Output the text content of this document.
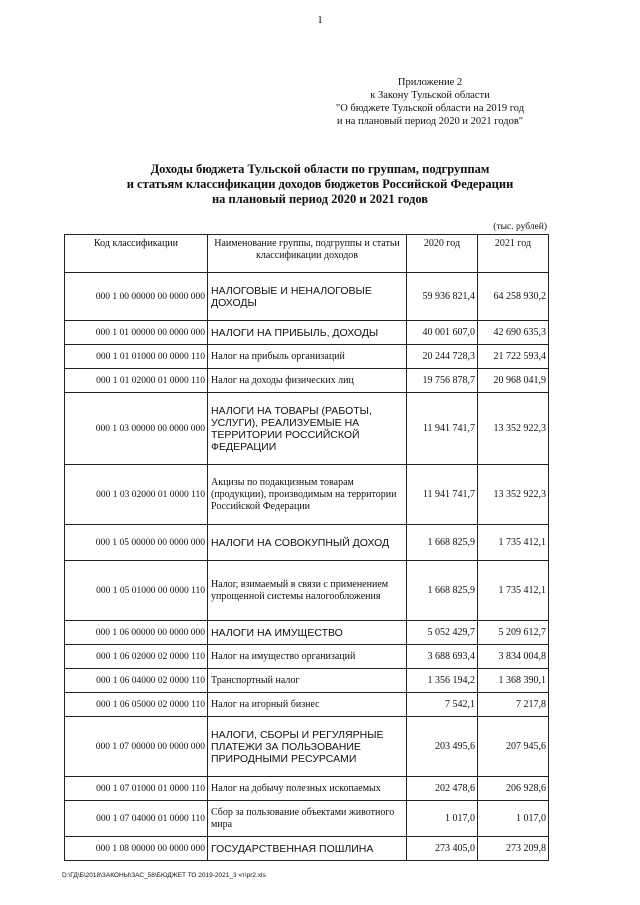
1
Приложение 2
к Закону Тульской области
"О бюджете Тульской области на 2019 год
и на плановый период 2020 и 2021 годов"
Доходы бюджета Тульской области по группам, подгруппам
и статьям классификации доходов бюджетов Российской Федерации
на плановый период 2020 и 2021 годов
(тыс. рублей)
Код классификации	Наименование группы, подгруппы и статьи классификации доходов	2020 год	2021 год
000 1 00 00000 00 0000 000	НАЛОГОВЫЕ И НЕНАЛОГОВЫЕ ДОХОДЫ	59 936 821,4	64 258 930,2
000 1 01 00000 00 0000 000	НАЛОГИ НА ПРИБЫЛЬ, ДОХОДЫ	40 001 607,0	42 690 635,3
000 1 01 01000 00 0000 110	Налог на прибыль организаций	20 244 728,3	21 722 593,4
000 1 01 02000 01 0000 110	Налог на доходы физических лиц	19 756 878,7	20 968 041,9
000 1 03 00000 00 0000 000	НАЛОГИ НА ТОВАРЫ (РАБОТЫ, УСЛУГИ), РЕАЛИЗУЕМЫЕ НА ТЕРРИТОРИИ РОССИЙСКОЙ ФЕДЕРАЦИИ	11 941 741,7	13 352 922,3
000 1 03 02000 01 0000 110	Акцизы по подакцизным товарам (продукции), производимым на территории Российской Федерации	11 941 741,7	13 352 922,3
000 1 05 00000 00 0000 000	НАЛОГИ НА СОВОКУПНЫЙ ДОХОД	1 668 825,9	1 735 412,1
000 1 05 01000 00 0000 110	Налог, взимаемый в связи с применением упрощенной системы налогообложения	1 668 825,9	1 735 412,1
000 1 06 00000 00 0000 000	НАЛОГИ НА ИМУЩЕСТВО	5 052 429,7	5 209 612,7
000 1 06 02000 02 0000 110	Налог на имущество организаций	3 688 693,4	3 834 004,8
000 1 06 04000 02 0000 110	Транспортный налог	1 356 194,2	1 368 390,1
000 1 06 05000 02 0000 110	Налог на игорный бизнес	7 542,1	7 217,8
000 1 07 00000 00 0000 000	НАЛОГИ, СБОРЫ И РЕГУЛЯРНЫЕ ПЛАТЕЖИ ЗА ПОЛЬЗОВАНИЕ ПРИРОДНЫМИ РЕСУРСАМИ	203 495,6	207 945,6
000 1 07 01000 01 0000 110	Налог на добычу полезных ископаемых	202 478,6	206 928,6
000 1 07 04000 01 0000 110	Сбор за пользование объектами животного мира	1 017,0	1 017,0
000 1 08 00000 00 0000 000	ГОСУДАРСТВЕННАЯ ПОШЛИНА	273 405,0	273 209,8
D:\ГД\Б\2018\ЗАКОНЫ\ЗАС_58\БЮДЖЕТ ТО 2019-2021_3 чт\pr2.xls
